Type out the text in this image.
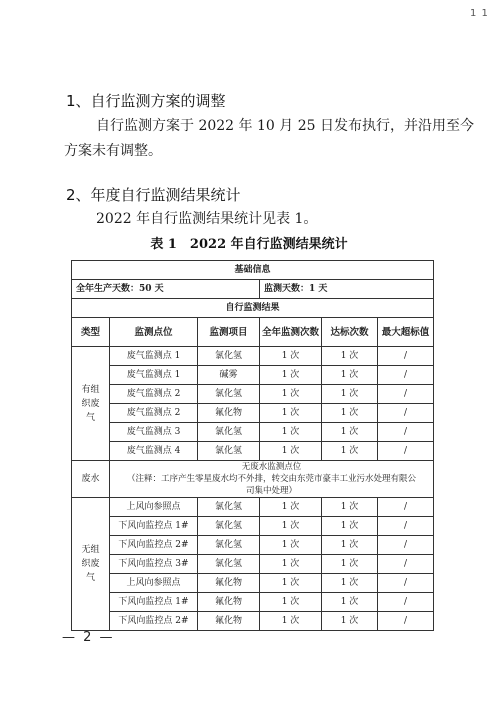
1 1
1、自行监测方案的调整
自行监测方案于 2022 年 10 月 25 日发布执行，并沿用至今
方案未有调整。
2、年度自行监测结果统计
2022 年自行监测结果统计见表 1。
表 1　2022 年自行监测结果统计
基础信息					
全年生产天数：50 天			监测天数：1 天		
自行监测结果					
类型	监测点位	监测项目	全年监测次数	达标次数	最大超标值
有组织废气	废气监测点 1	氯化氢	1 次	1 次	/
	废气监测点 1	碱雾	1 次	1 次	/
	废气监测点 2	氯化氢	1 次	1 次	/
	废气监测点 2	氟化物	1 次	1 次	/
	废气监测点 3	氯化氢	1 次	1 次	/
	废气监测点 4	氯化氢	1 次	1 次	/
废水	无废水监测点位
（注释：工序产生零星废水均不外排，转交由东莞市豪丰工业污水处理有限公司集中处理）				

无组织废气	上风向参照点	氯化氢	1 次	1 次	/
	下风向监控点 1#	氯化氢	1 次	1 次	/
	下风向监控点 2#	氯化氢	1 次	1 次	/
	下风向监控点 3#	氯化氢	1 次	1 次	/
	上风向参照点	氟化物	1 次	1 次	/
	下风向监控点 1#	氟化物	1 次	1 次	/
	下风向监控点 2#	氟化物	1 次	1 次	/
— 2 —
